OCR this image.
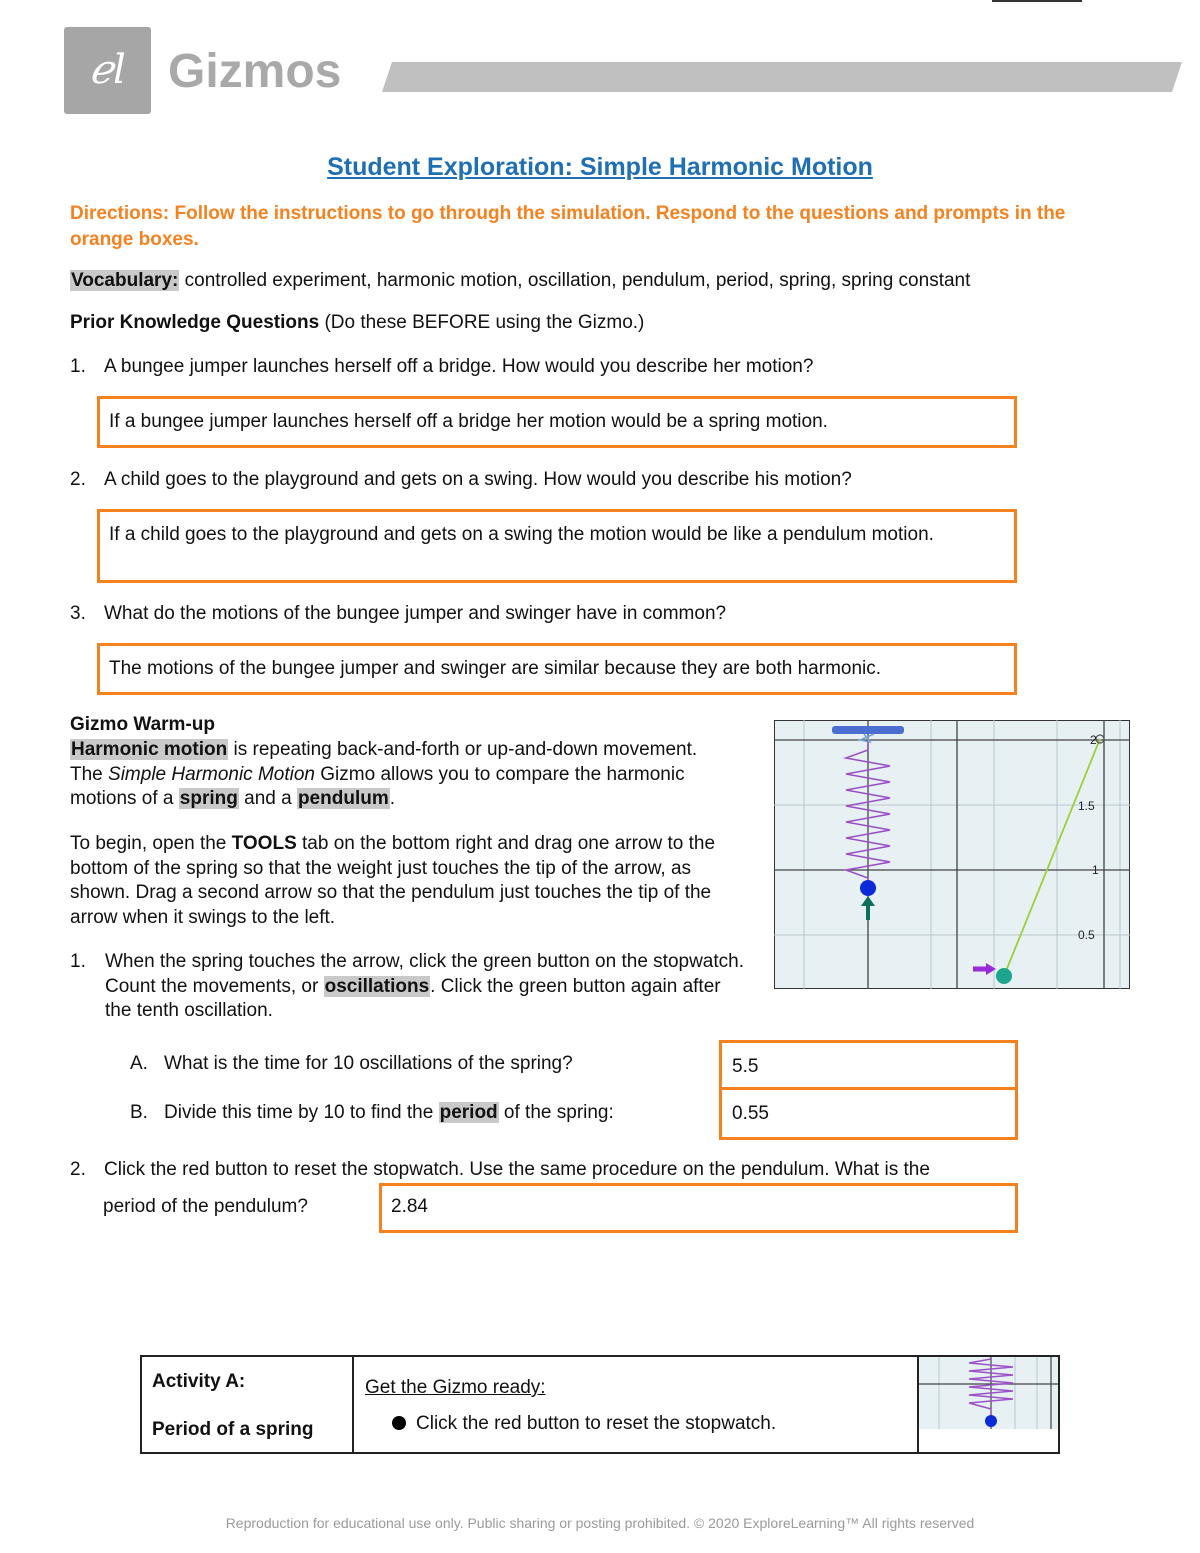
ℯl Gizmos
Student Exploration: Simple Harmonic Motion
Directions: Follow the instructions to go through the simulation. Respond to the questions and prompts in the orange boxes.
Vocabulary: controlled experiment, harmonic motion, oscillation, pendulum, period, spring, spring constant
Prior Knowledge Questions (Do these BEFORE using the Gizmo.)
1. A bungee jumper launches herself off a bridge. How would you describe her motion?
If a bungee jumper launches herself off a bridge her motion would be a spring motion.
2. A child goes to the playground and gets on a swing. How would you describe his motion?
If a child goes to the playground and gets on a swing the motion would be like a pendulum motion.
3. What do the motions of the bungee jumper and swinger have in common?
The motions of the bungee jumper and swinger are similar because they are both harmonic.
Gizmo Warm-up
Harmonic motion is repeating back-and-forth or up-and-down movement. The Simple Harmonic Motion Gizmo allows you to compare the harmonic motions of a spring and a pendulum.
To begin, open the TOOLS tab on the bottom right and drag one arrow to the bottom of the spring so that the weight just touches the tip of the arrow, as shown. Drag a second arrow so that the pendulum just touches the tip of the arrow when it swings to the left.
1. When the spring touches the arrow, click the green button on the stopwatch. Count the movements, or oscillations. Click the green button again after the tenth oscillation.
A. What is the time for 10 oscillations of the spring?
B. Divide this time by 10 to find the period of the spring:
5.5
0.55
2. Click the red button to reset the stopwatch. Use the same procedure on the pendulum. What is the
period of the pendulum?	2.84
2
1.5
1
0.5
Activity A:
Period of a spring
Get the Gizmo ready:
Click the red button to reset the stopwatch.
Reproduction for educational use only. Public sharing or posting prohibited. © 2020 ExploreLearning™ All rights reserved
